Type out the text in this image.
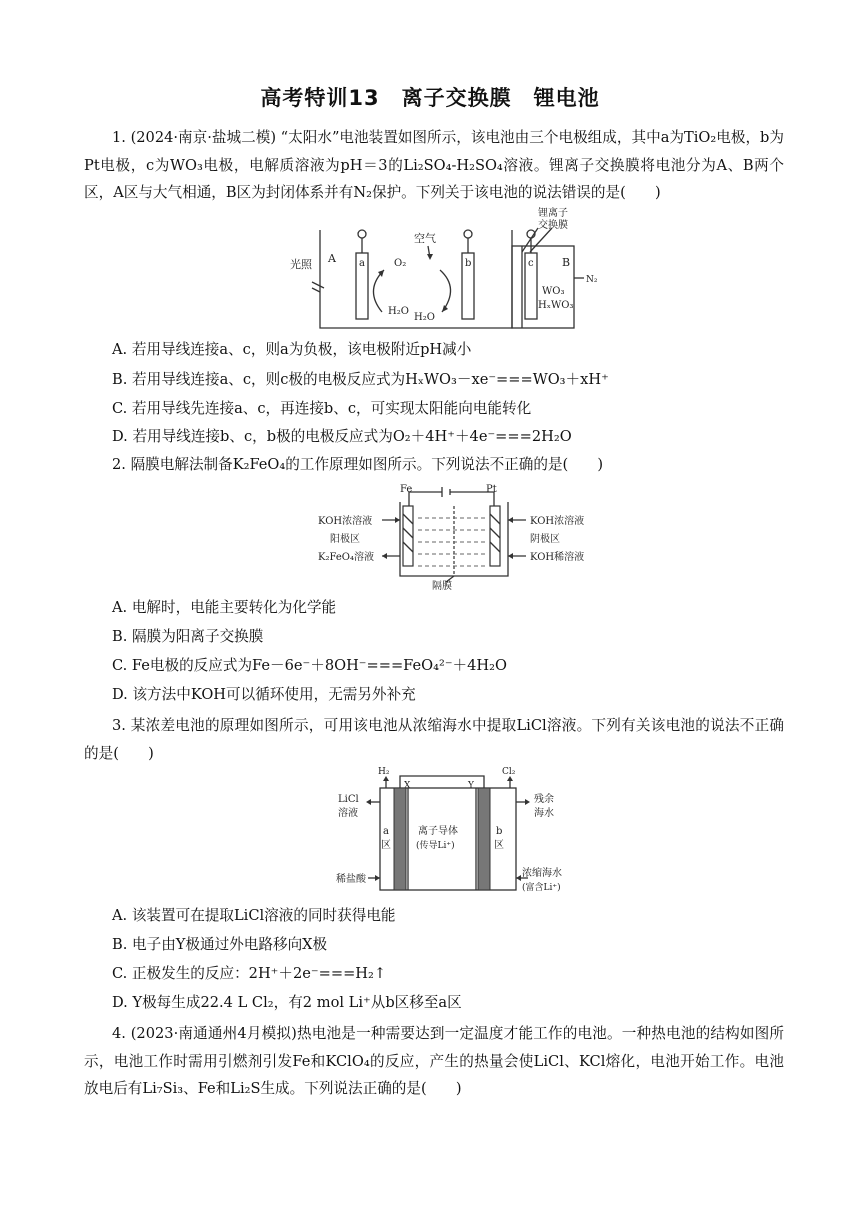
高考特训13　离子交换膜　锂电池
1. (2024·南京·盐城二模) “太阳水”电池装置如图所示，该电池由三个电极组成，其中a为TiO₂电极，b为Pt电极，c为WO₃电极，电解质溶液为pH＝3的Li₂SO₄-H₂SO₄溶液。锂离子交换膜将电池分为A、B两个区，A区与大气相通，B区为封闭体系并有N₂保护。下列关于该电池的说法错误的是(　　)
光照 A a	O₂
空气
b
H₂O
H₂O
锂离子
交换膜
c	B
N₂
WO₃
HₓWO₃
A. 若用导线连接a、c，则a为负极，该电极附近pH减小
B. 若用导线连接a、c，则c极的电极反应式为HₓWO₃－xe⁻===WO₃＋xH⁺
C. 若用导线先连接a、c，再连接b、c，可实现太阳能向电能转化
D. 若用导线连接b、c，b极的电极反应式为O₂＋4H⁺＋4e⁻===2H₂O
2. 隔膜电解法制备K₂FeO₄的工作原理如图所示。下列说法不正确的是(　　)
Fe	Pt
KOH浓溶液
阳极区
K₂FeO₄溶液
KOH浓溶液
阴极区
KOH稀溶液
隔膜
A. 电解时，电能主要转化为化学能
B. 隔膜为阳离子交换膜
C. Fe电极的反应式为Fe－6e⁻＋8OH⁻===FeO₄²⁻＋4H₂O
D. 该方法中KOH可以循环使用，无需另外补充
3. 某浓差电池的原理如图所示，可用该电池从浓缩海水中提取LiCl溶液。下列有关该电池的说法不正确的是(　　)
H₂
X	Y
Cl₂
LiCl
溶液
a
区
离子导体
(传导Li⁺)
b
区
残余
海水
稀盐酸
浓缩海水
(富含Li⁺)
A. 该装置可在提取LiCl溶液的同时获得电能
B. 电子由Y极通过外电路移向X极
C. 正极发生的反应：2H⁺＋2e⁻===H₂↑
D. Y极每生成22.4 L Cl₂，有2 mol Li⁺从b区移至a区
4. (2023·南通通州4月模拟)热电池是一种需要达到一定温度才能工作的电池。一种热电池的结构如图所示，电池工作时需用引燃剂引发Fe和KClO₄的反应，产生的热量会使LiCl、KCl熔化，电池开始工作。电池放电后有Li₇Si₃、Fe和Li₂S生成。下列说法正确的是(　　)
